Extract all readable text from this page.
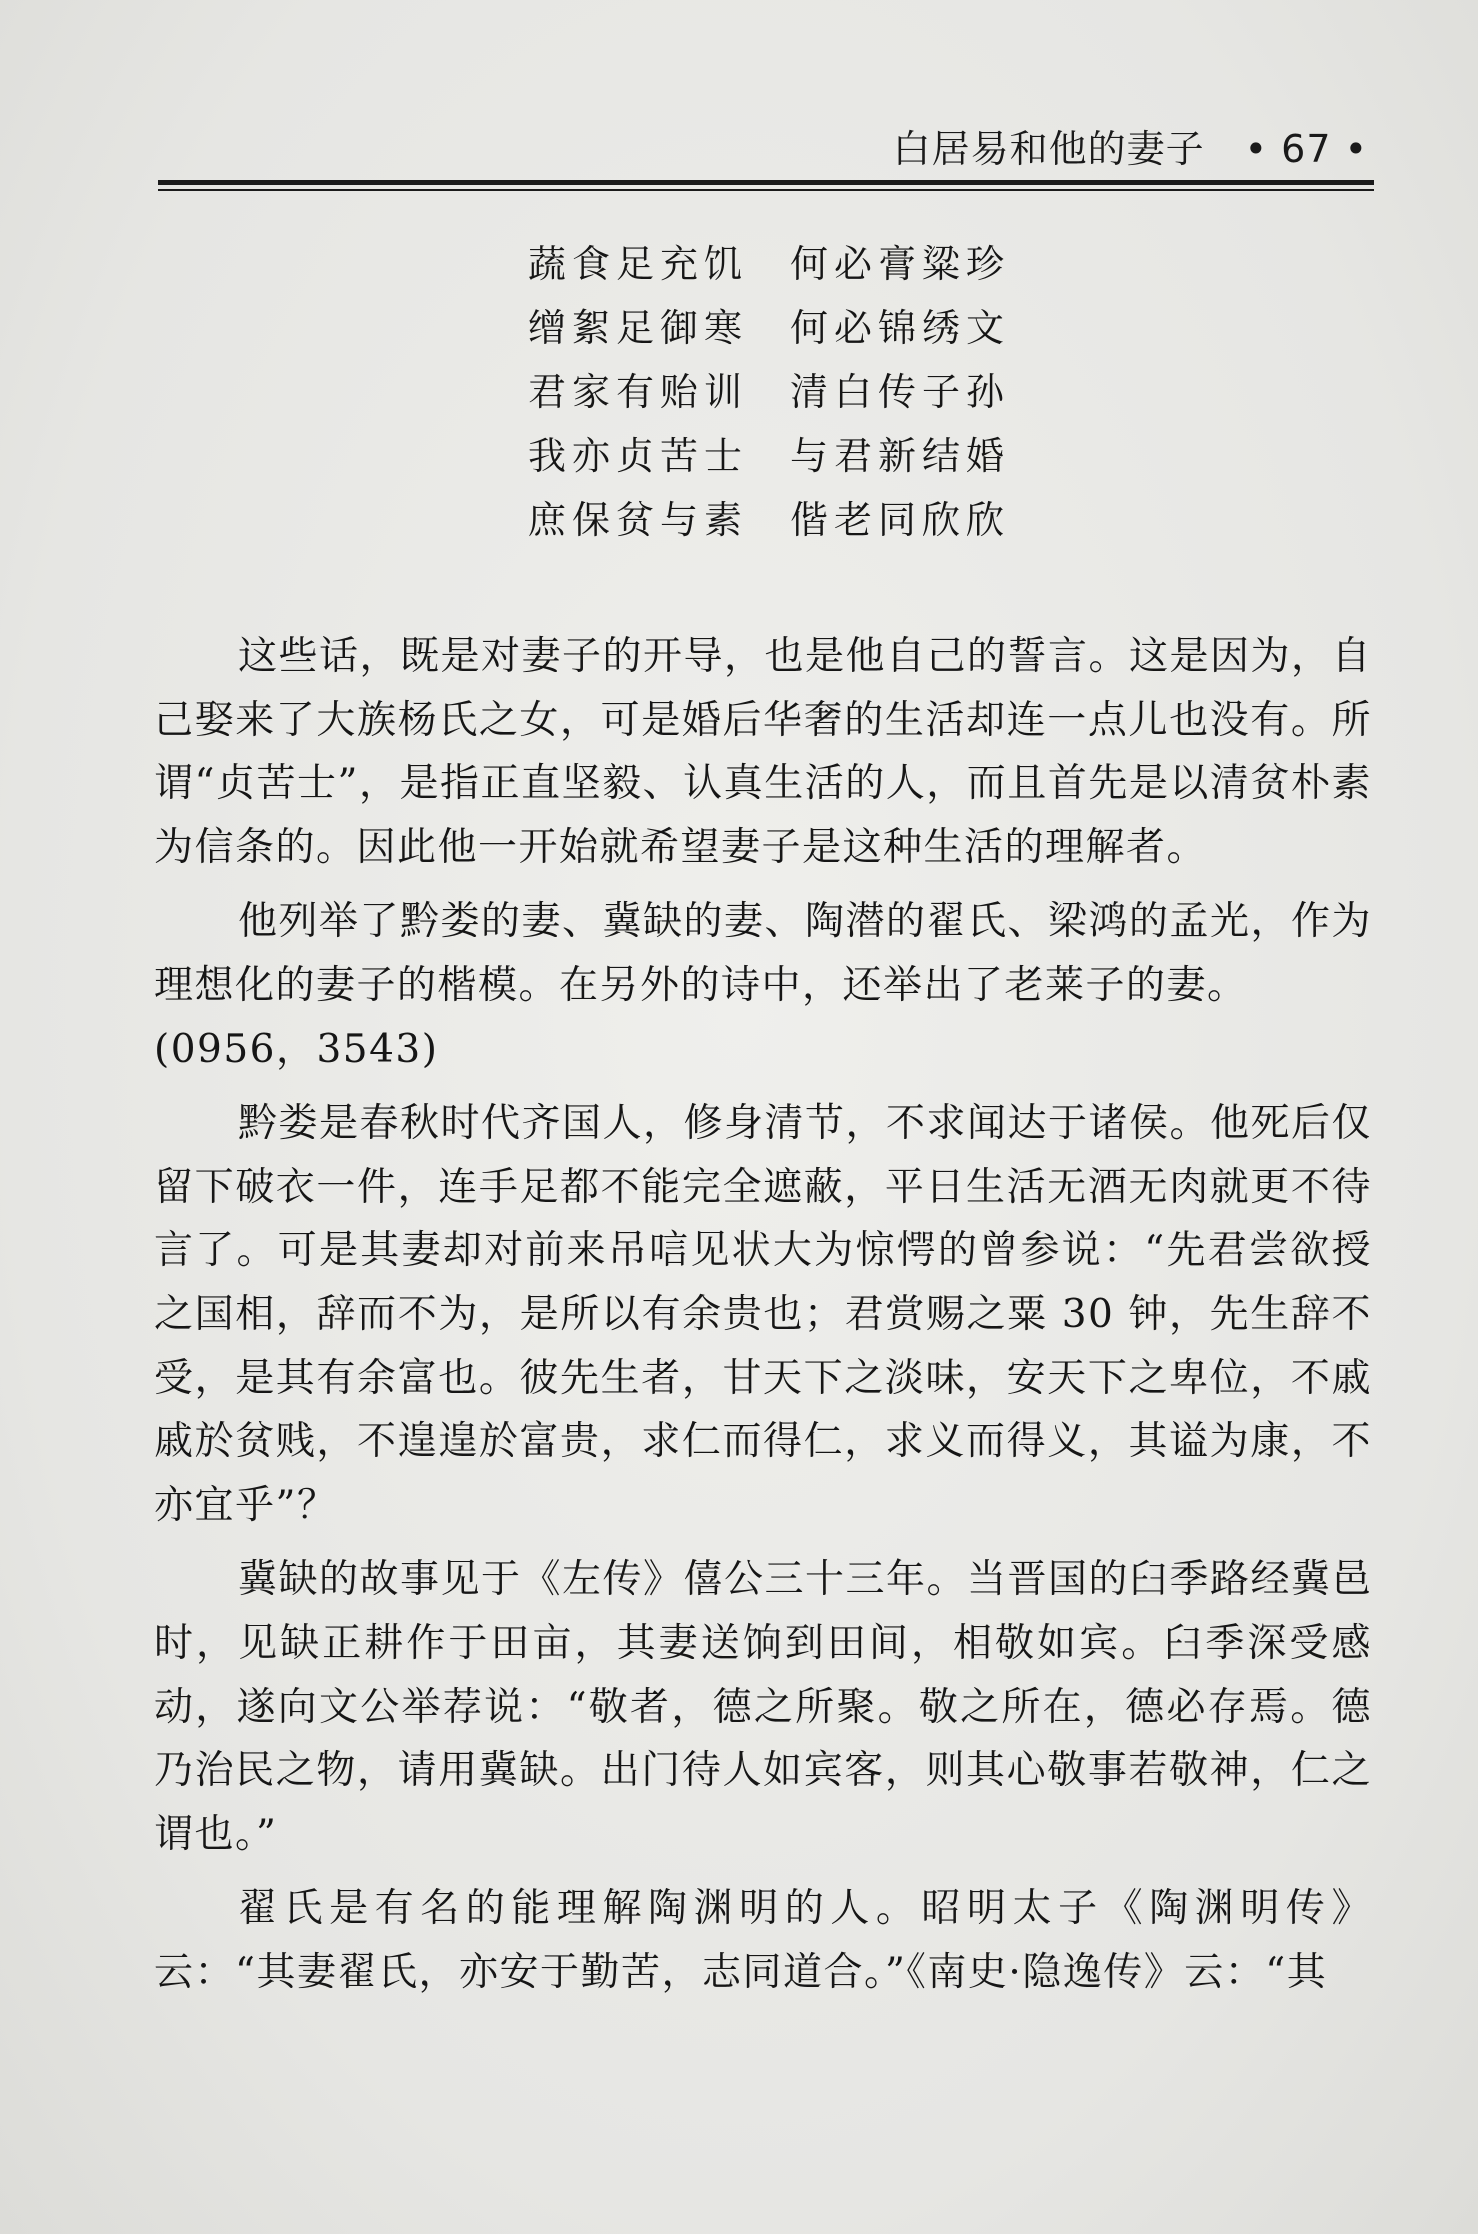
白居易和他的妻子 • 67 •
蔬食足充饥	何必膏粱珍
缯絮足御寒	何必锦绣文
君家有贻训	清白传子孙
我亦贞苦士	与君新结婚
庶保贫与素	偕老同欣欣

这些话，既是对妻子的开导，也是他自己的誓言。这是因为，自己娶来了大族杨氏之女，可是婚后华奢的生活却连一点儿也没有。所谓“贞苦士”，是指正直坚毅、认真生活的人，而且首先是以清贫朴素为信条的。因此他一开始就希望妻子是这种生活的理解者。

他列举了黔娄的妻、冀缺的妻、陶潜的翟氏、梁鸿的孟光，作为理想化的妻子的楷模。在另外的诗中，还举出了老莱子的妻。
(0956，3543)

黔娄是春秋时代齐国人，修身清节，不求闻达于诸侯。他死后仅留下破衣一件，连手足都不能完全遮蔽，平日生活无酒无肉就更不待言了。可是其妻却对前来吊唁见状大为惊愕的曾参说：“先君尝欲授之国相，辞而不为，是所以有余贵也；君赏赐之粟 30 钟，先生辞不受，是其有余富也。彼先生者，甘天下之淡味，安天下之卑位，不戚戚於贫贱，不遑遑於富贵，求仁而得仁，求义而得义，其谥为康，不亦宜乎”？

冀缺的故事见于《左传》僖公三十三年。当晋国的臼季路经冀邑时，见缺正耕作于田亩，其妻送饷到田间，相敬如宾。臼季深受感动，遂向文公举荐说：“敬者，德之所聚。敬之所在，德必存焉。德乃治民之物，请用冀缺。出门待人如宾客，则其心敬事若敬神，仁之谓也。”

翟氏是有名的能理解陶渊明的人。昭明太子《陶渊明传》云：“其妻翟氏，亦安于勤苦，志同道合。”《南史·隐逸传》云：“其
